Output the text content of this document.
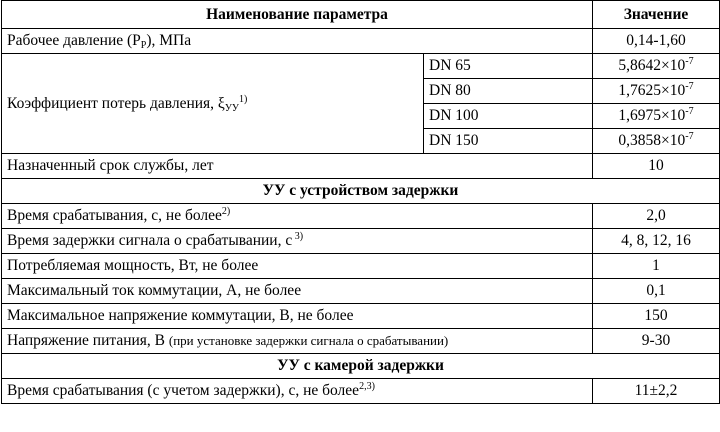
Наименование параметра		Значение
Рабочее давление $(P_Р)$, МПа		0,14-1,60
Коэффициент потерь давления, $\xi_{УУ}^{1)}$	DN 65	$5,8642\times 10^{-7}$
	DN 80	$1,7625\times 10^{-7}$
	DN 100	$1,6975\times 10^{-7}$
	DN 150	$0,3858\times 10^{-7}$
Назначенный срок службы, лет		10
УУ с устройством задержки		
Время срабатывания, с, не более$^{2)}$		2,0
Время задержки сигнала о срабатывании, с $^{3)}$		4, 8, 12, 16
Потребляемая мощность, Вт, не более		1
Максимальный ток коммутации, А, не более		0,1
Максимальное напряжение коммутации, В, не более		150
Напряжение питания, В (при установке задержки сигнала о срабатывании)		9-30
УУ с камерой задержки		
Время срабатывания (с учетом задержки), с, не более$^{2,3)}$		11±2,2
